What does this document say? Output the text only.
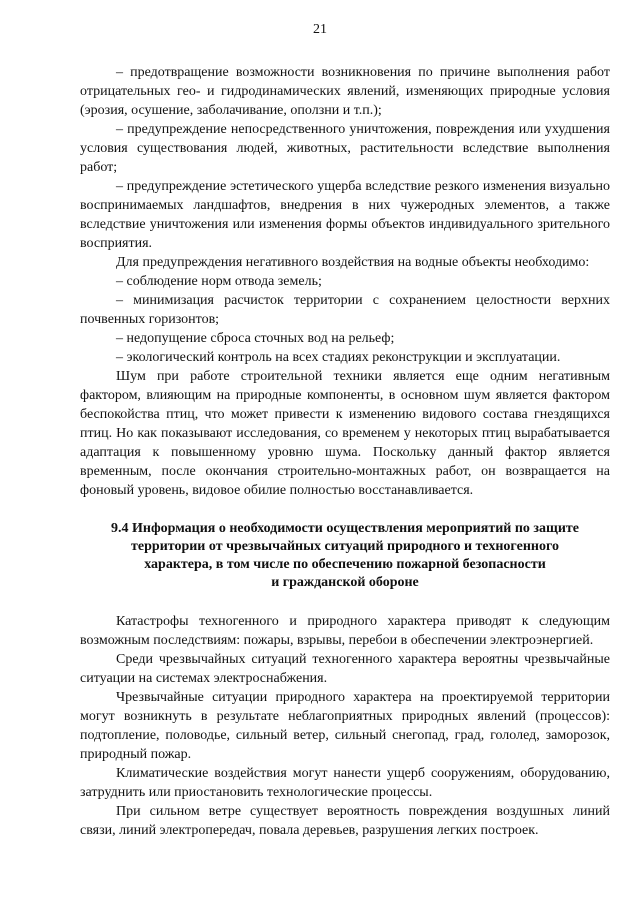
21

– предотвращение возможности возникновения по причине выполнения работ отрицательных гео- и гидродинамических явлений, изменяющих природные условия (эрозия, осушение, заболачивание, оползни и т.п.);

– предупреждение непосредственного уничтожения, повреждения или ухудшения условия существования людей, животных, растительности вследствие выполнения работ;

– предупреждение эстетического ущерба вследствие резкого изменения визуально воспринимаемых ландшафтов, внедрения в них чужеродных элементов, а также вследствие уничтожения или изменения формы объектов индивидуального зрительного восприятия.

Для предупреждения негативного воздействия на водные объекты необходимо:

– соблюдение норм отвода земель;

– минимизация расчисток территории с сохранением целостности верхних почвенных горизонтов;

– недопущение сброса сточных вод на рельеф;

– экологический контроль на всех стадиях реконструкции и эксплуатации.

Шум при работе строительной техники является еще одним негативным фактором, влияющим на природные компоненты, в основном шум является фактором беспокойства птиц, что может привести к изменению видового состава гнездящихся птиц. Но как показывают исследования, со временем у некоторых птиц вырабатывается адаптация к повышенному уровню шума. Поскольку данный фактор является временным, после окончания строительно-монтажных работ, он возвращается на фоновый уровень, видовое обилие полностью восстанавливается.

9.4 Информация о необходимости осуществления мероприятий по защите
территории от чрезвычайных ситуаций природного и техногенного
характера, в том числе по обеспечению пожарной безопасности
и гражданской обороне

Катастрофы техногенного и природного характера приводят к следующим возможным последствиям: пожары, взрывы, перебои в обеспечении электроэнергией.

Среди чрезвычайных ситуаций техногенного характера вероятны чрезвычайные ситуации на системах электроснабжения.

Чрезвычайные ситуации природного характера на проектируемой территории могут возникнуть в результате неблагоприятных природных явлений (процессов): подтопление, половодье, сильный ветер, сильный снегопад, град, гололед, заморозок, природный пожар.

Климатические воздействия могут нанести ущерб сооружениям, оборудованию, затруднить или приостановить технологические процессы.

При сильном ветре существует вероятность повреждения воздушных линий связи, линий электропередач, повала деревьев, разрушения легких построек.
